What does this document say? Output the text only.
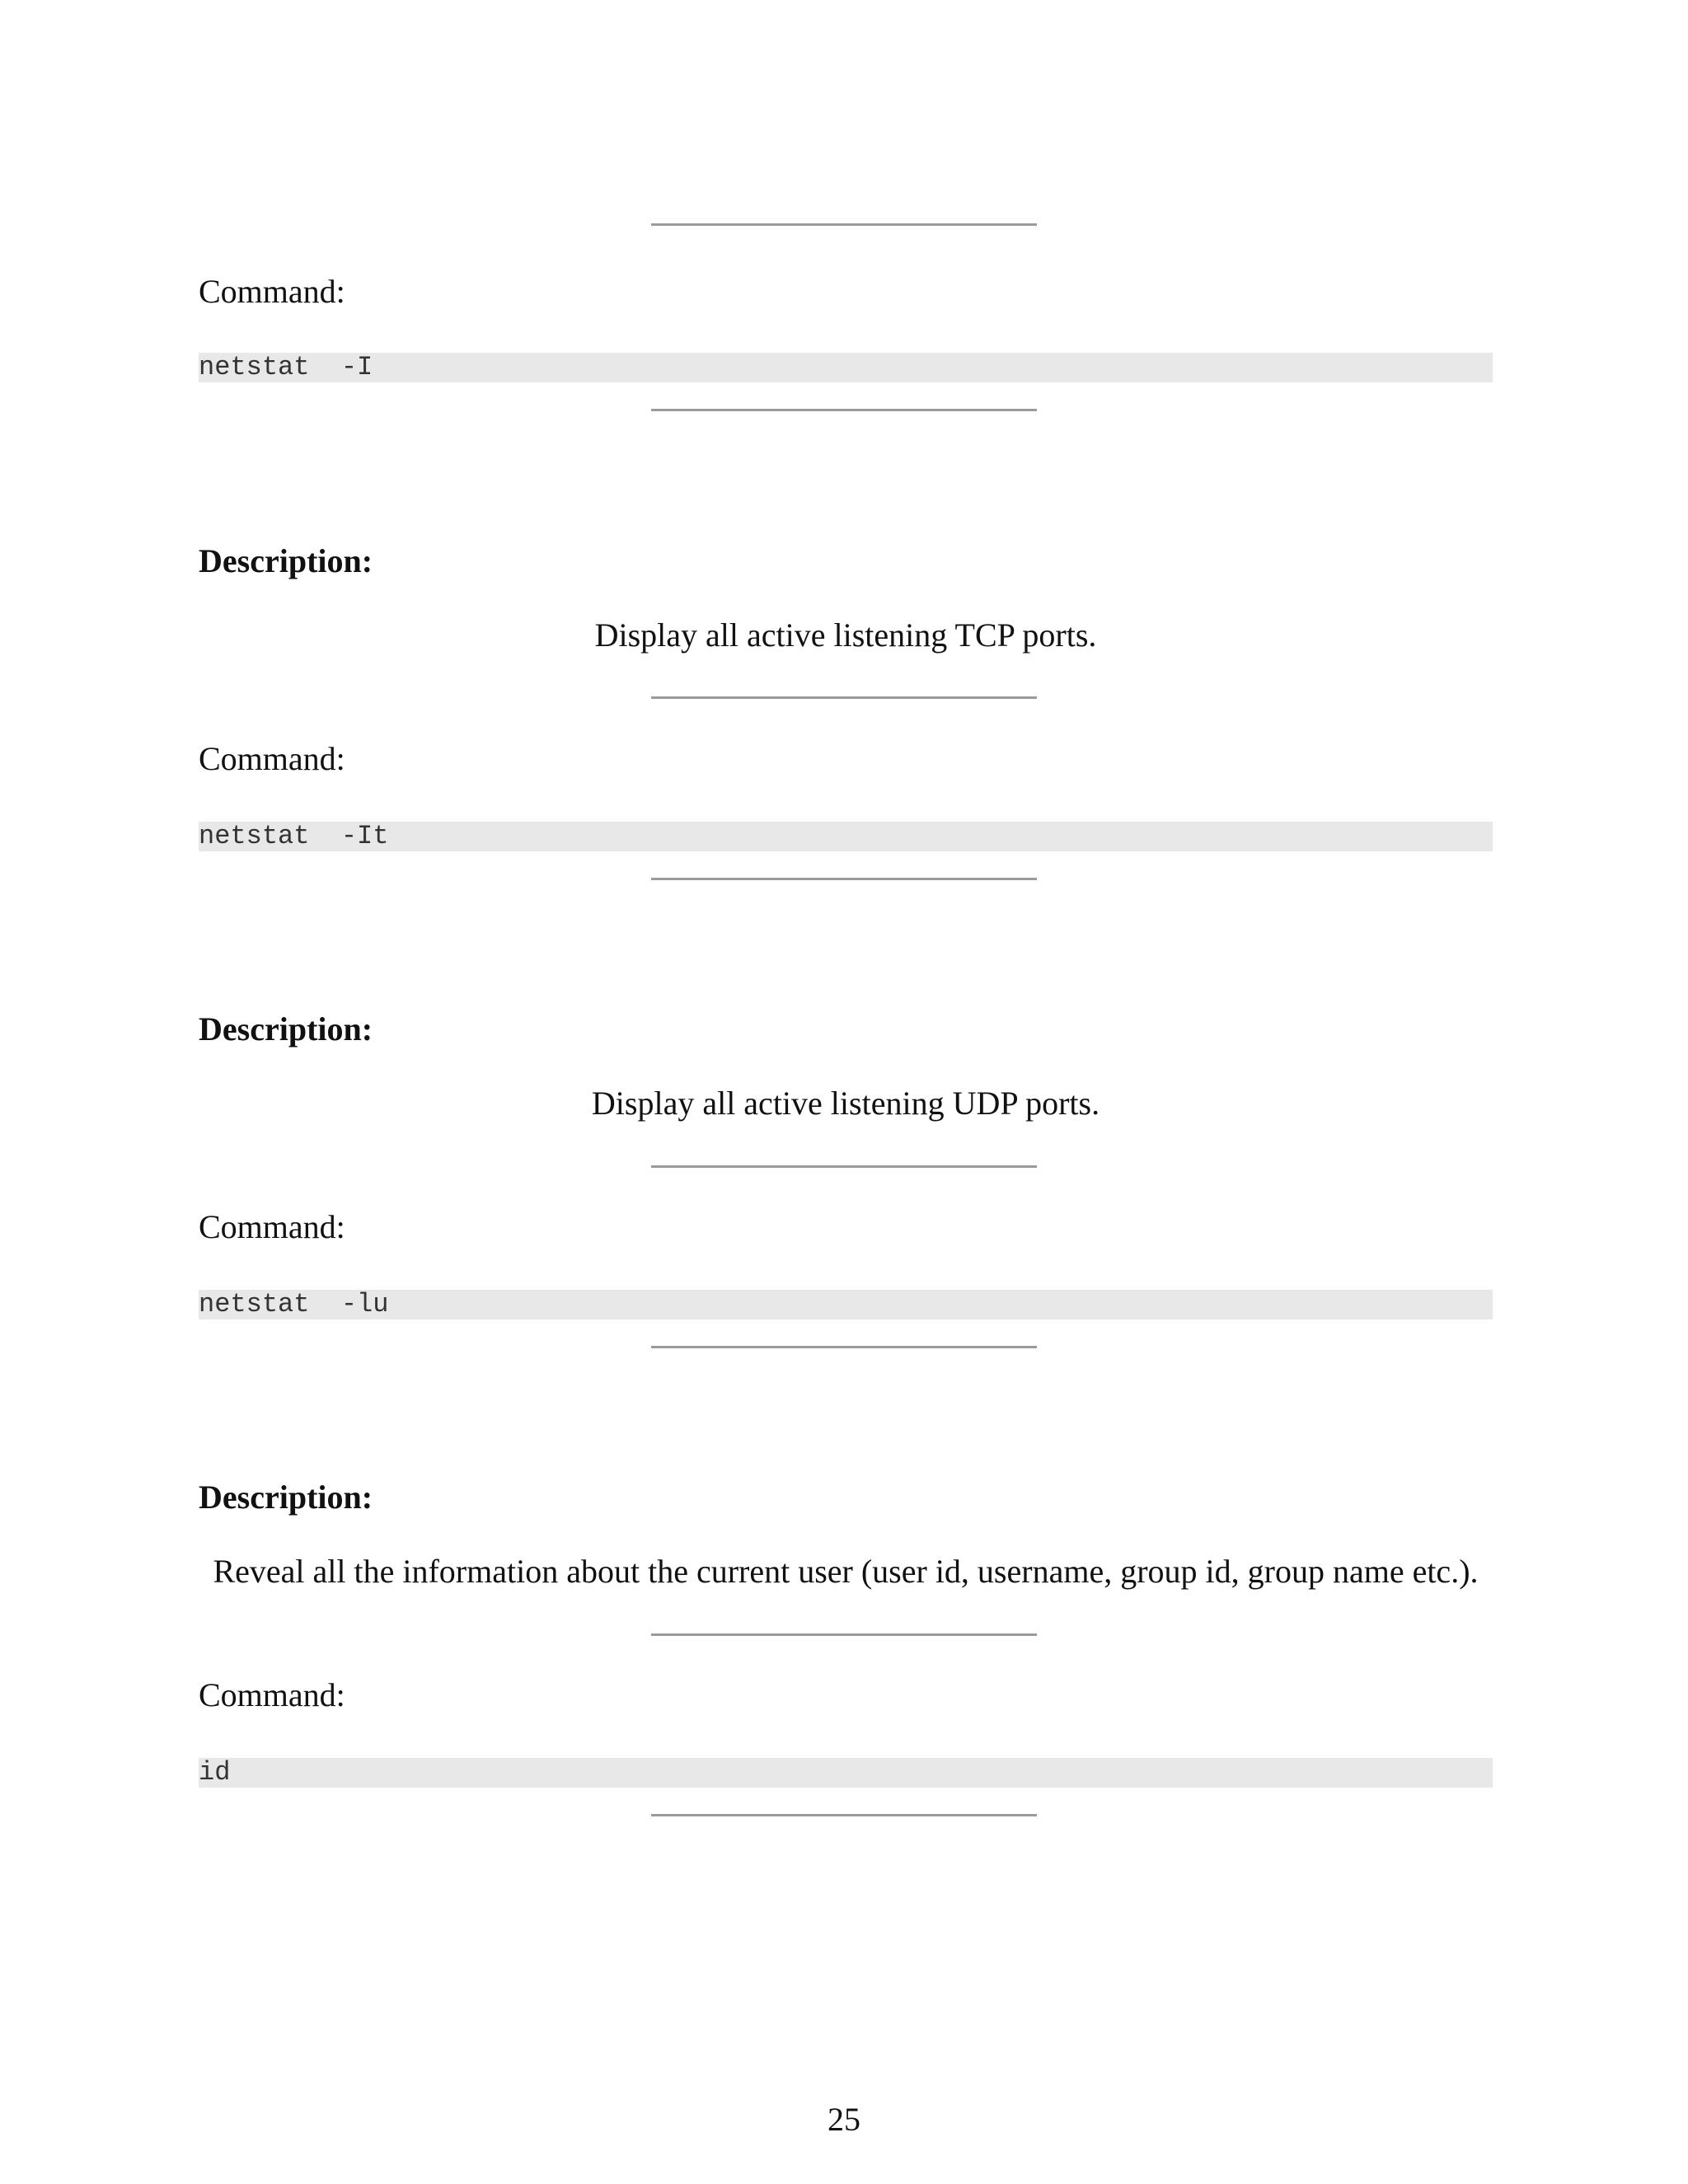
Command:
netstat  -I
Description:
Display all active listening TCP ports.
Command:
netstat  -It
Description:
Display all active listening UDP ports.
Command:
netstat  -lu
Description:
Reveal all the information about the current user (user id, username, group id, group name etc.).
Command:
id
25
